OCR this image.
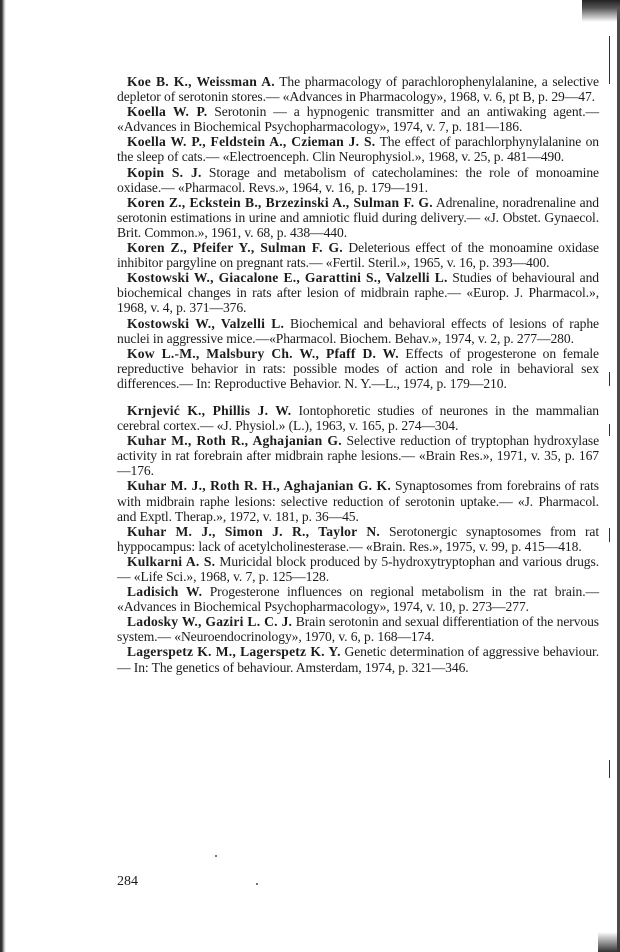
Koe B. K., Weissman A. The pharmacology of parachlorophenylalanine, a selective depletor of serotonin stores.— «Advances in Pharmacology», 1968, v. 6, pt B, p. 29—47.

Koella W. P. Serotonin — a hypnogenic transmitter and an antiwaking agent.— «Advances in Biochemical Psychopharmacology», 1974, v. 7, p. 181—186.

Koella W. P., Feldstein A., Czieman J. S. The effect of parachlorphynylalanine on the sleep of cats.— «Electroenceph. Clin Neurophysiol.», 1968, v. 25, p. 481—490.

Kopin S. J. Storage and metabolism of catecholamines: the role of monoamine oxidase.— «Pharmacol. Revs.», 1964, v. 16, p. 179—191.

Koren Z., Eckstein B., Brzezinski A., Sulman F. G. Adrenaline, noradrenaline and serotonin estimations in urine and amniotic fluid during delivery.— «J. Obstet. Gynaecol. Brit. Common.», 1961, v. 68, p. 438—440.

Koren Z., Pfeifer Y., Sulman F. G. Deleterious effect of the monoamine oxidase inhibitor pargyline on pregnant rats.— «Fertil. Steril.», 1965, v. 16, p. 393—400.

Kostowski W., Giacalone E., Garattini S., Valzelli L. Studies of behavioural and biochemical changes in rats after lesion of midbrain raphe.— «Europ. J. Pharmacol.», 1968, v. 4, p. 371—376.

Kostowski W., Valzelli L. Biochemical and behavioral effects of lesions of raphe nuclei in aggressive mice.—«Pharmacol. Biochem. Behav.», 1974, v. 2, p. 277—280.

Kow L.-M., Malsbury Ch. W., Pfaff D. W. Effects of progesterone on female repreductive behavior in rats: possible modes of action and role in behavioral sex differences.— In: Reproductive Behavior. N. Y.—L., 1974, p. 179—210.

Krnjević K., Phillis J. W. Iontophoretic studies of neurones in the mammalian cerebral cortex.— «J. Physiol.» (L.), 1963, v. 165, p. 274—304.

Kuhar M., Roth R., Aghajanian G. Selective reduction of tryptophan hydroxylase activity in rat forebrain after midbrain raphe lesions.— «Brain Res.», 1971, v. 35, p. 167—176.

Kuhar M. J., Roth R. H., Aghajanian G. K. Synaptosomes from forebrains of rats with midbrain raphe lesions: selective reduction of serotonin uptake.— «J. Pharmacol. and Exptl. Therap.», 1972, v. 181, p. 36—45.

Kuhar M. J., Simon J. R., Taylor N. Serotonergic synaptosomes from rat hyppocampus: lack of acetylcholinesterase.— «Brain. Res.», 1975, v. 99, p. 415—418.

Kulkarni A. S. Muricidal block produced by 5-hydroxytryptophan and various drugs.— «Life Sci.», 1968, v. 7, p. 125—128.

Ladisich W. Progesterone influences on regional metabolism in the rat brain.— «Advances in Biochemical Psychopharmacology», 1974, v. 10, p. 273—277.

Ladosky W., Gaziri L. C. J. Brain serotonin and sexual differentiation of the nervous system.— «Neuroendocrinology», 1970, v. 6, p. 168—174.

Lagerspetz K. M., Lagerspetz K. Y. Genetic determination of aggressive behaviour.— In: The genetics of behaviour. Amsterdam, 1974, p. 321—346.

284
